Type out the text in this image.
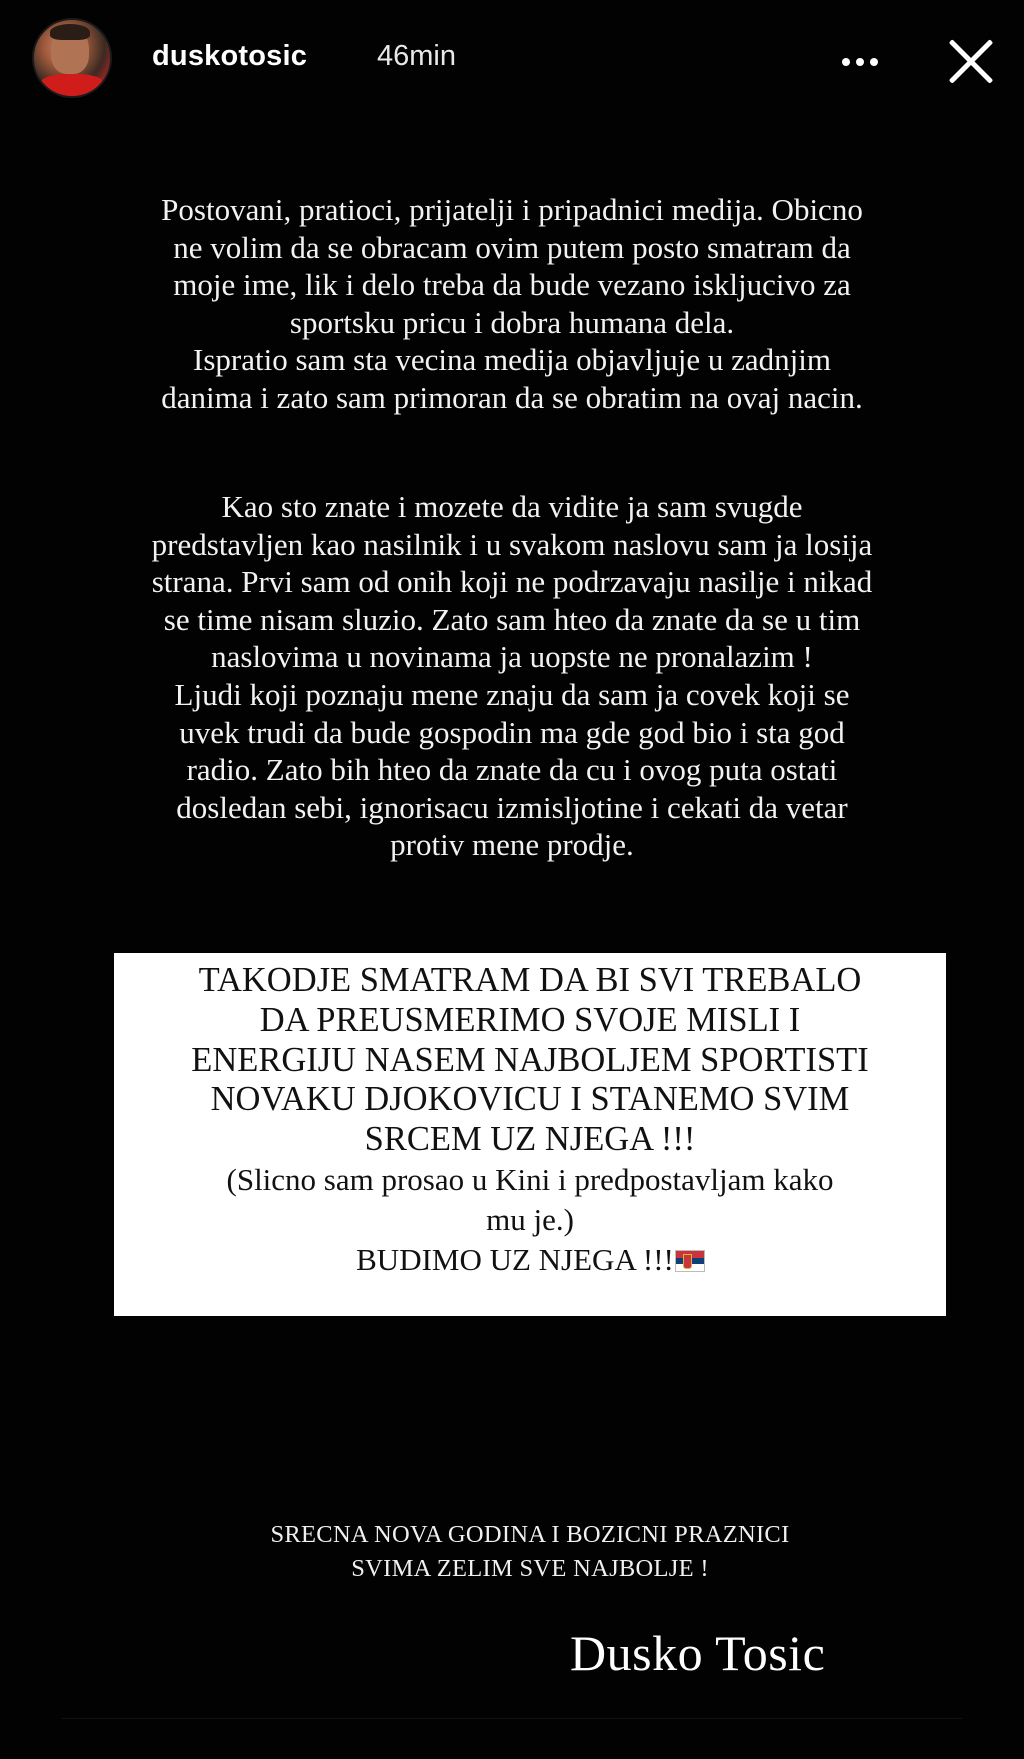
duskotosic 46min

Postovani, pratioci, prijatelji i pripadnici medija. Obicno

ne volim da se obracam ovim putem posto smatram da

moje ime, lik i delo treba da bude vezano iskljucivo za

sportsku pricu i dobra humana dela.

Ispratio sam sta vecina medija objavljuje u zadnjim

danima i zato sam primoran da se obratim na ovaj nacin.

Kao sto znate i mozete da vidite ja sam svugde

predstavljen kao nasilnik i u svakom naslovu sam ja losija

strana. Prvi sam od onih koji ne podrzavaju nasilje i nikad

se time nisam sluzio. Zato sam hteo da znate da se u tim

naslovima u novinama ja uopste ne pronalazim !

Ljudi koji poznaju mene znaju da sam ja covek koji se

uvek trudi da bude gospodin ma gde god bio i sta god

radio. Zato bih hteo da znate da cu i ovog puta ostati

dosledan sebi, ignorisacu izmisljotine i cekati da vetar

protiv mene prodje.

TAKODJE SMATRAM DA BI SVI TREBALO

DA PREUSMERIMO SVOJE MISLI I

ENERGIJU NASEM NAJBOLJEM SPORTISTI

NOVAKU DJOKOVICU I STANEMO SVIM

SRCEM UZ NJEGA !!!

(Slicno sam prosao u Kini i predpostavljam kako

mu je.)

BUDIMO UZ NJEGA !!!

SRECNA NOVA GODINA I BOZICNI PRAZNICI

SVIMA ZELIM SVE NAJBOLJE !

Dusko Tosic
